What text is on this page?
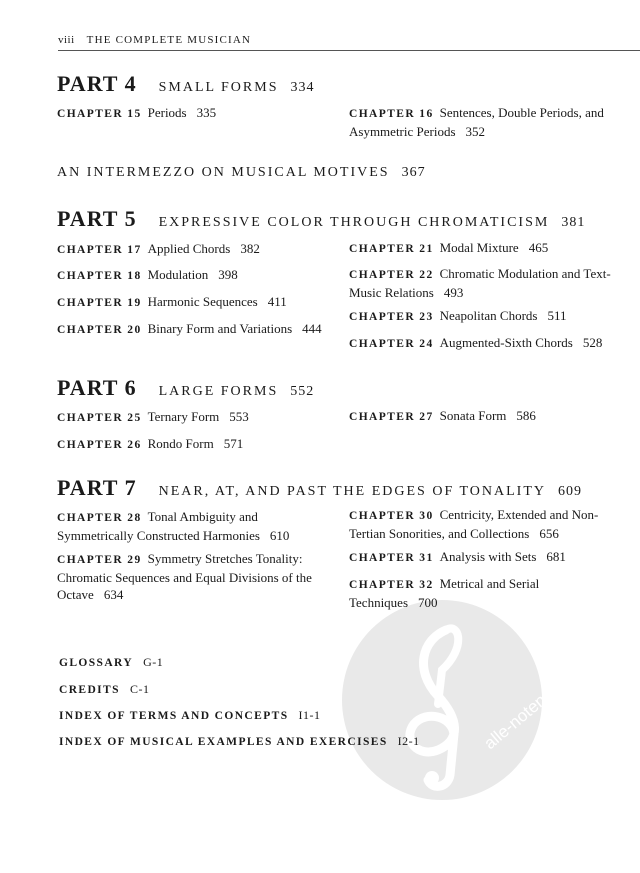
alle-noten.de
viii THE COMPLETE MUSICIAN
PART 4 SMALL FORMS 334
CHAPTER 15 Periods 335	CHAPTER 16 Sentences, Double Periods, and Asymmetric Periods 352
AN INTERMEZZO ON MUSICAL MOTIVES 367
PART 5 EXPRESSIVE COLOR THROUGH CHROMATICISM 381
CHAPTER 17 Applied Chords 382
CHAPTER 18 Modulation 398
CHAPTER 19 Harmonic Sequences 411
CHAPTER 20 Binary Form and Variations 444
CHAPTER 21 Modal Mixture 465
CHAPTER 22 Chromatic Modulation and Text-Music Relations 493
CHAPTER 23 Neapolitan Chords 511
CHAPTER 24 Augmented-Sixth Chords 528
PART 6 LARGE FORMS 552
CHAPTER 25 Ternary Form 553
CHAPTER 26 Rondo Form 571
CHAPTER 27 Sonata Form 586
PART 7 NEAR, AT, AND PAST THE EDGES OF TONALITY 609
CHAPTER 28 Tonal Ambiguity and Symmetrically Constructed Harmonies 610
CHAPTER 29 Symmetry Stretches Tonality: Chromatic Sequences and Equal Divisions of the Octave 634
CHAPTER 30 Centricity, Extended and Non-Tertian Sonorities, and Collections 656
CHAPTER 31 Analysis with Sets 681
CHAPTER 32 Metrical and Serial Techniques 700
GLOSSARY G-1
CREDITS C-1
INDEX OF TERMS AND CONCEPTS I1-1
INDEX OF MUSICAL EXAMPLES AND EXERCISES I2-1
